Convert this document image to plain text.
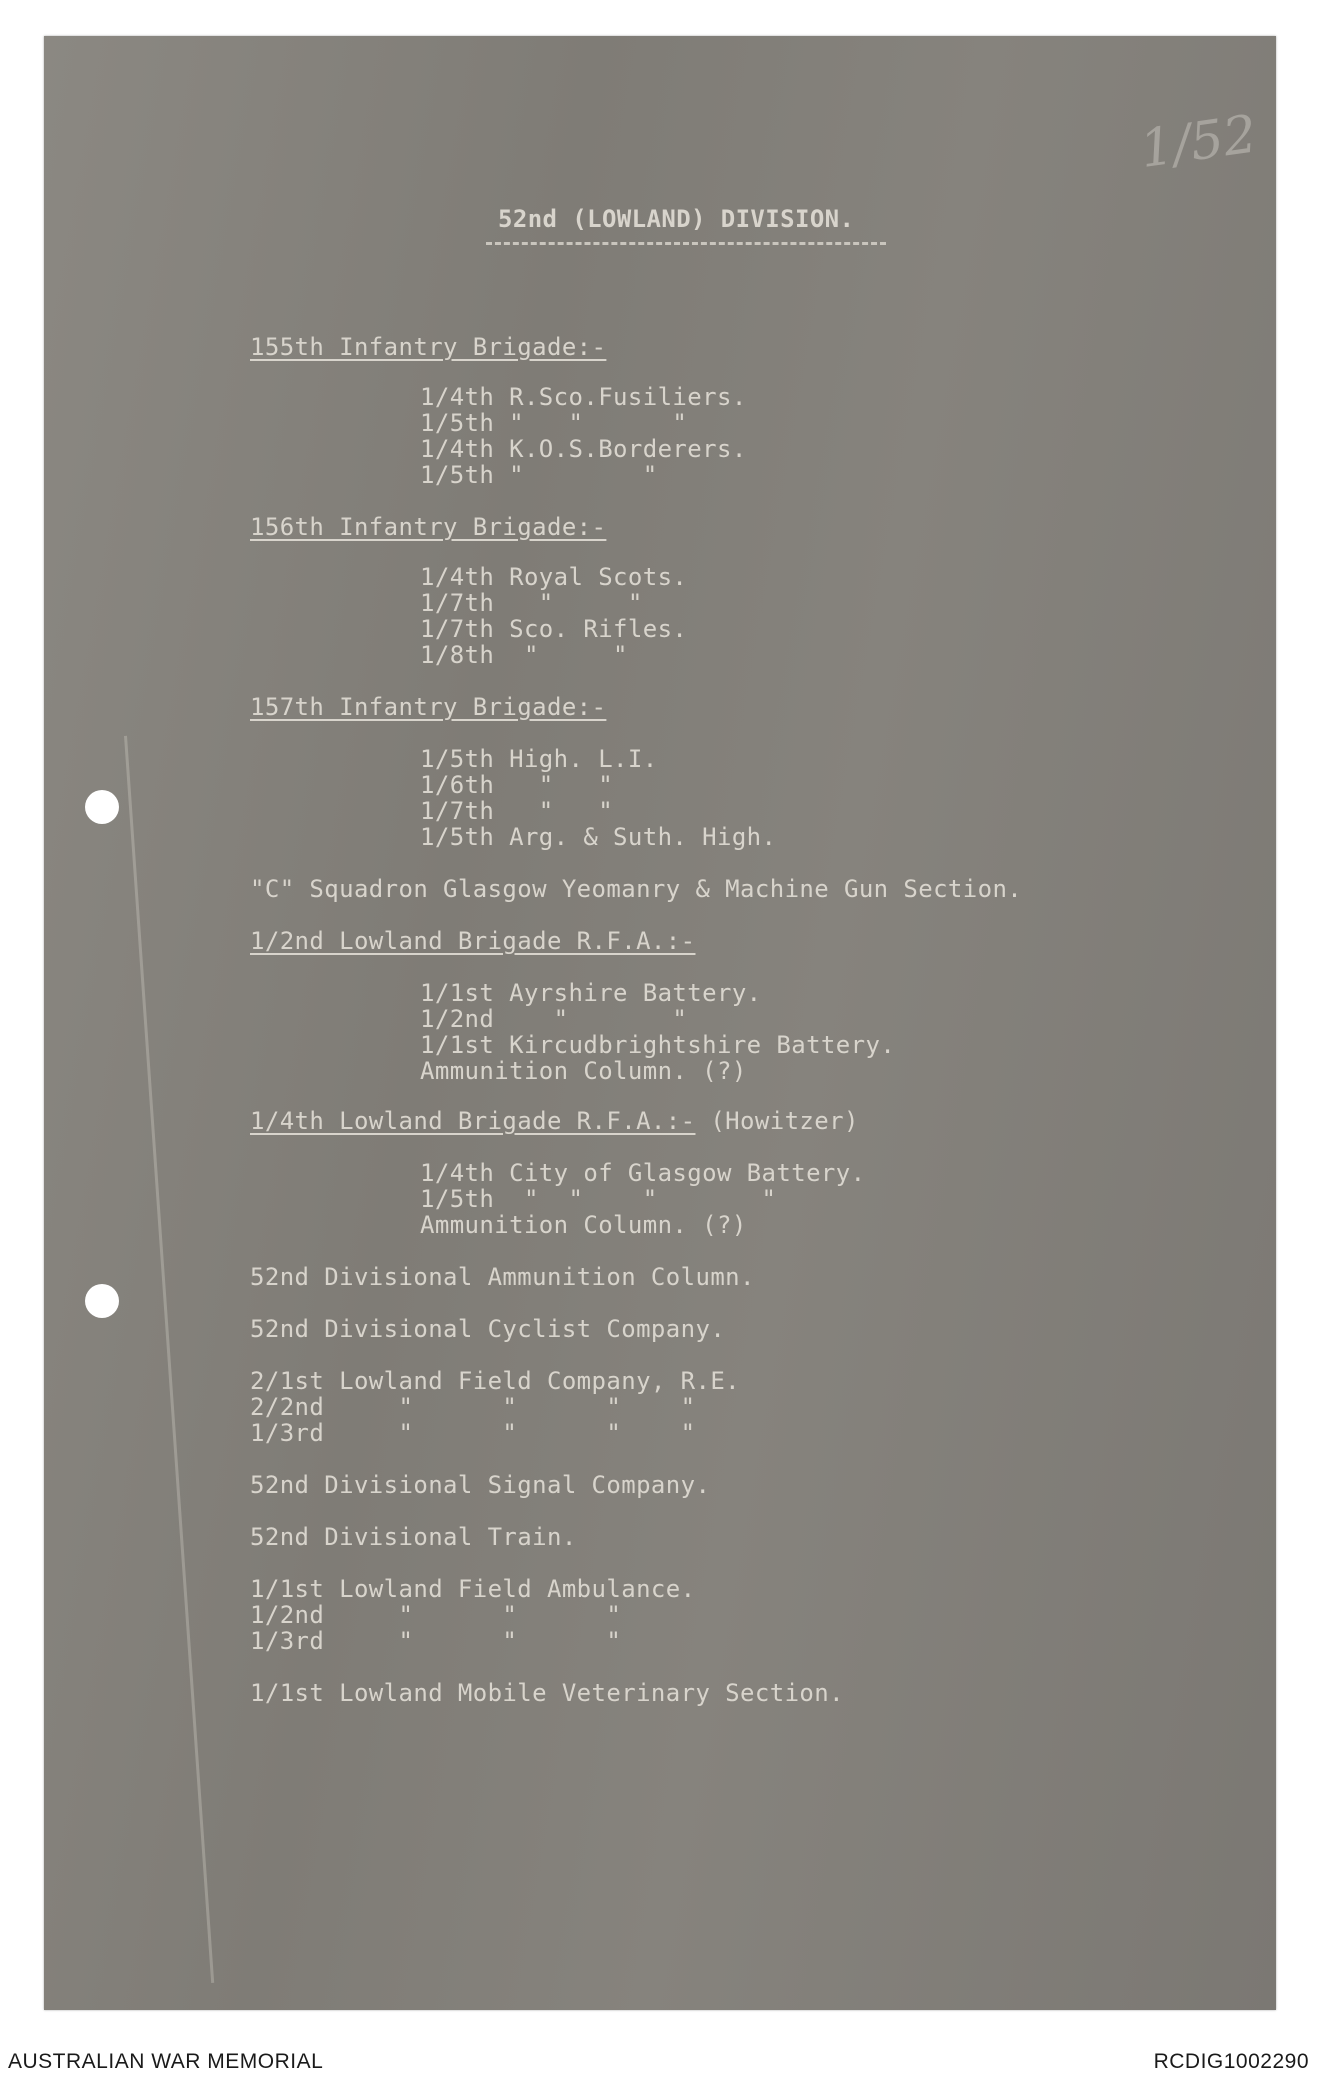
1/52

52nd (LOWLAND) DIVISION.

155th Infantry Brigade:-
1/4th R.Sco.Fusiliers.
1/5th "   "      "
1/4th K.O.S.Borderers.
1/5th "        "
156th Infantry Brigade:-
1/4th Royal Scots.
1/7th   "     "
1/7th Sco. Rifles.
1/8th  "     "
157th Infantry Brigade:-
1/5th High. L.I.
1/6th   "   "
1/7th   "   "
1/5th Arg. & Suth. High.
"C" Squadron Glasgow Yeomanry & Machine Gun Section.
1/2nd Lowland Brigade R.F.A.:-
1/1st Ayrshire Battery.
1/2nd    "       "
1/1st Kircudbrightshire Battery.
Ammunition Column. (?)
1/4th Lowland Brigade R.F.A.:- (Howitzer)
1/4th City of Glasgow Battery.
1/5th  "  "    "       "
Ammunition Column. (?)
52nd Divisional Ammunition Column.
52nd Divisional Cyclist Company.
2/1st Lowland Field Company, R.E.
2/2nd     "      "      "    "
1/3rd     "      "      "    "
52nd Divisional Signal Company.
52nd Divisional Train.
1/1st Lowland Field Ambulance.
1/2nd     "      "      "
1/3rd     "      "      "
1/1st Lowland Mobile Veterinary Section.

AUSTRALIAN WAR MEMORIAL	RCDIG1002290
